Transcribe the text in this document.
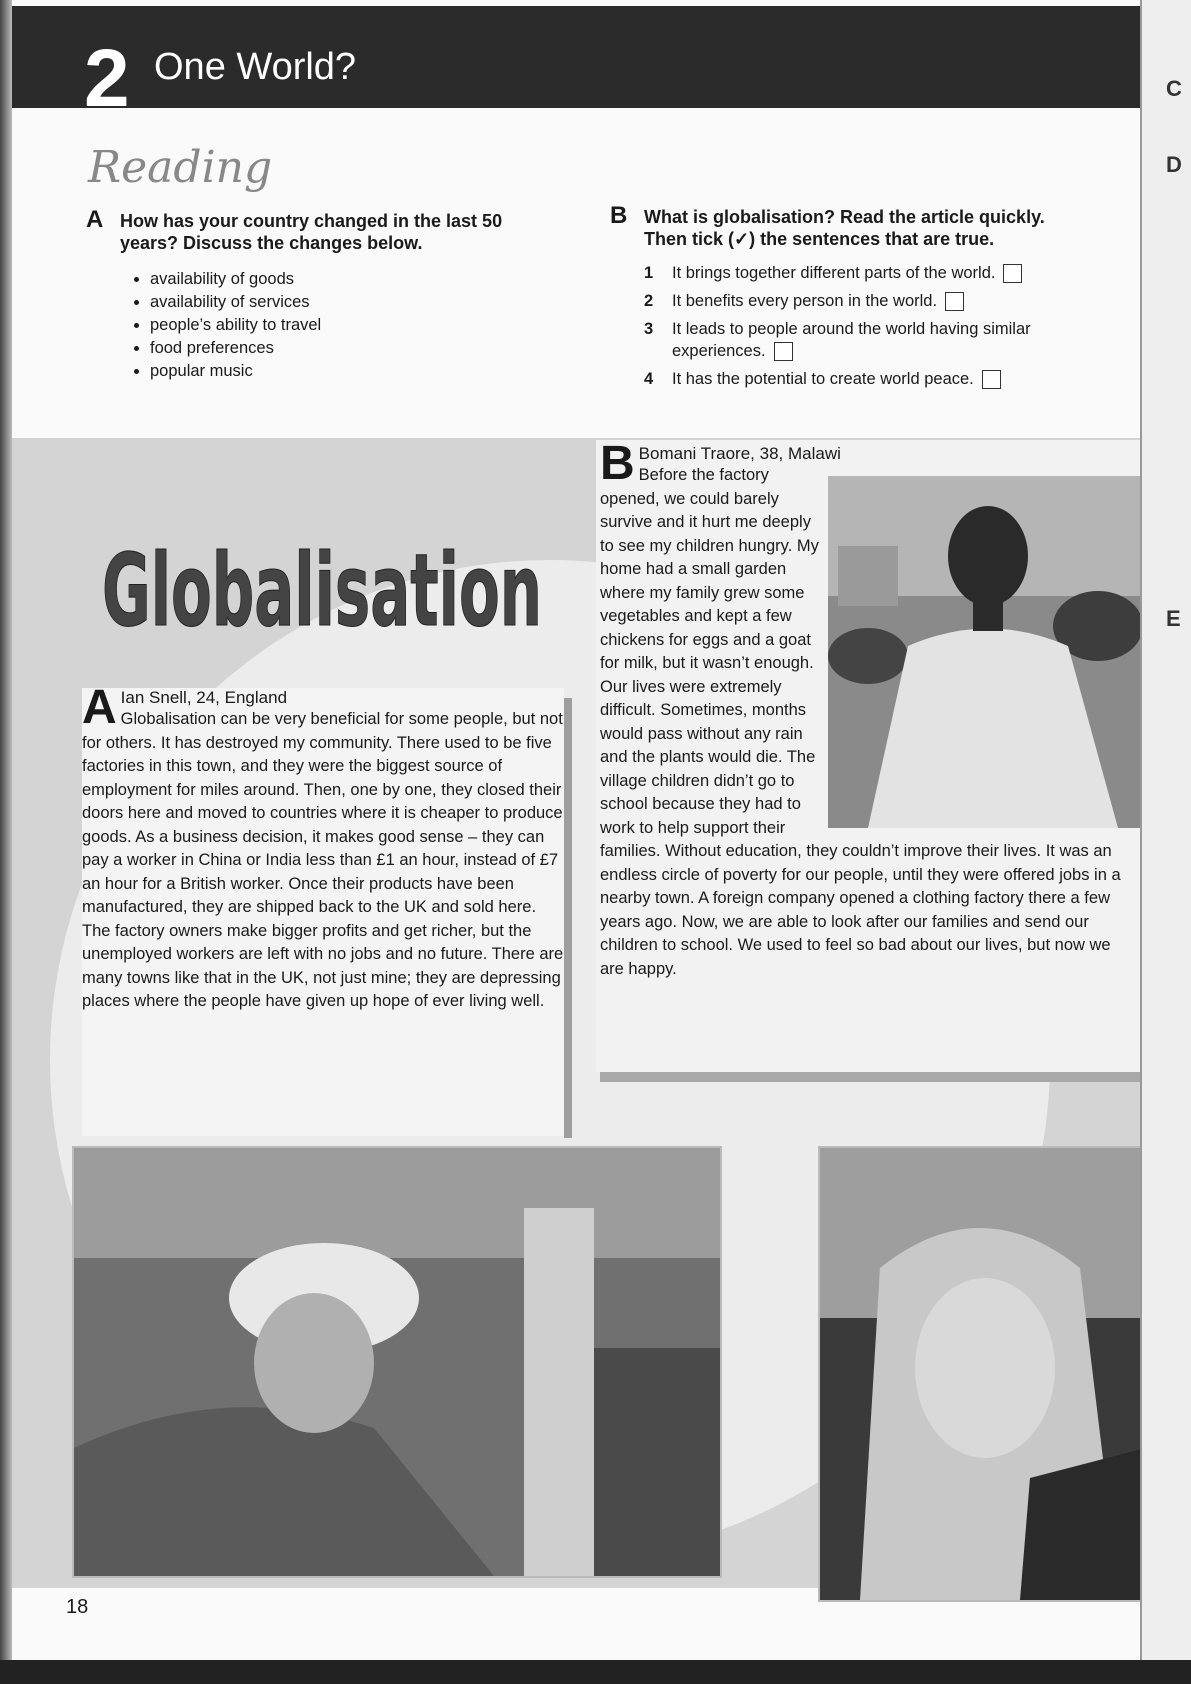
2 One World?
Reading
A How has your country changed in the last 50 years? Discuss the changes below.
• availability of goods
• availability of services
• people’s ability to travel
• food preferences
• popular music
B What is globalisation? Read the article quickly. Then tick (✓) the sentences that are true.
1 It brings together different parts of the world.
2 It benefits every person in the world.
3 It leads to people around the world having similar experiences.
4 It has the potential to create world peace.
Globalisation
A Ian Snell, 24, England
Globalisation can be very beneficial for some people, but not for others. It has destroyed my community. There used to be five factories in this town, and they were the biggest source of employment for miles around. Then, one by one, they closed their doors here and moved to countries where it is cheaper to produce goods. As a business decision, it makes good sense – they can pay a worker in China or India less than £1 an hour, instead of £7 an hour for a British worker. Once their products have been manufactured, they are shipped back to the UK and sold here. The factory owners make bigger profits and get richer, but the unemployed workers are left with no jobs and no future. There are many towns like that in the UK, not just mine; they are depressing places where the people have given up hope of ever living well.
B Bomani Traore, 38, Malawi
Before the factory opened, we could barely survive and it hurt me deeply to see my children hungry. My home had a small garden where my family grew some vegetables and kept a few chickens for eggs and a goat for milk, but it wasn’t enough. Our lives were extremely difficult. Sometimes, months would pass without any rain and the plants would die. The village children didn’t go to school because they had to work to help support their families. Without education, they couldn’t improve their lives. It was an endless circle of poverty for our people, until they were offered jobs in a nearby town. A foreign company opened a clothing factory there a few years ago. Now, we are able to look after our families and send our children to school. We used to feel so bad about our lives, but now we are happy.
18
C
D
E
